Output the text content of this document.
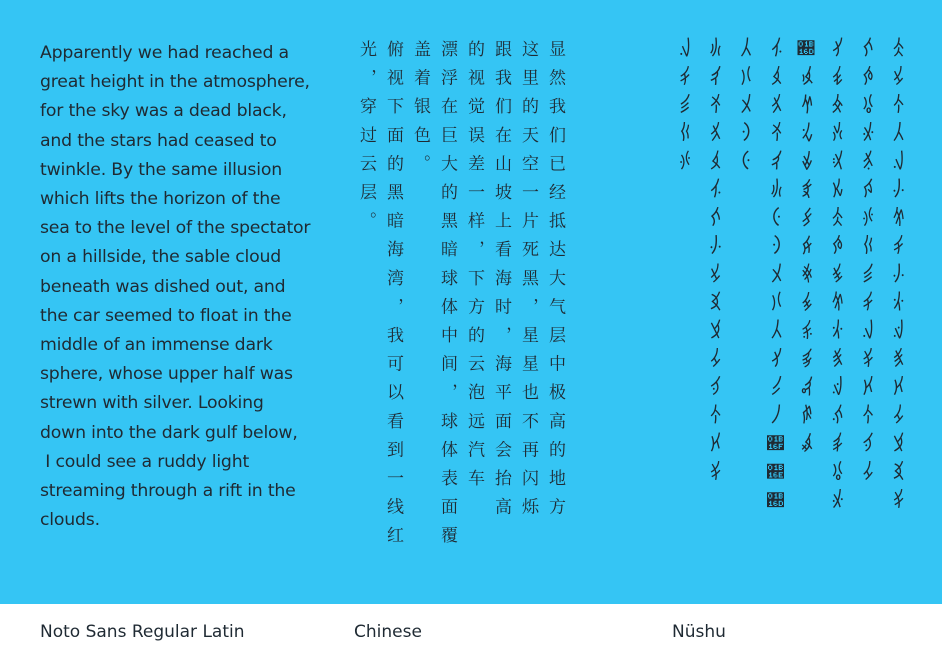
Apparently we had reached a
great height in the atmosphere,
for the sky was a dead black,
and the stars had ceased to
twinkle. By the same illusion
which lifts the horizon of the
sea to the level of the spectator
on a hillside, the sable cloud
beneath was dished out, and
the car seemed to float in the
middle of an immense dark
sphere, whose upper half was
strewn with silver. Looking
down into the dark gulf below,
I could see a ruddy light
streaming through a rift in the
clouds.	显然我们已经抵达大气层中极高的地方
这里的天空一片死黑，星星也不再闪烁
跟我们在山坡上看海时，海平面会抬高
的视觉误差一样，下方的云泡远汽车
漂浮在巨大的黑暗球体中间，球体表面覆
盖着银色。
俯视下面的黑暗海湾，我可以看到一线红
光，穿过云层。	𛆙𛆀𛆅𛅳𛆈𛅿𛆖𛆉𛅿𛆕𛆓𛆔𛆆𛆃𛆂𛆁𛆇
𛅾𛆘𛆐𛆏𛆎𛆍𛆌𛆋𛆊𛆉𛆈𛆇𛆆𛆅𛆄𛆃
𛅲𛆞𛆝𛆜𛆛𛆚𛆙𛆘𛆗𛆖𛆕𛆔𛆓𛆒𛆑𛆐𛆏
𛅭𛆟𛆠𛆡𛆢𛆣𛆤𛆥𛆦𛆧𛆨𛆩𛆪𛆫𛆬
𛅽𛅼𛅻𛅺𛅹𛅸𛅷𛅶𛅵𛅴𛅳𛅲𛅱𛅰𛅯𛅮𛅭
𛅳𛅴𛅵𛅶𛅷
𛅸𛅹𛅺𛅻𛅼𛅽𛅾𛅿𛆀𛆁𛆂𛆃𛆄𛆅𛆆𛆇
𛆈𛆉𛆊𛆋𛆌
Noto Sans Regular Latin	Chinese	Nüshu
